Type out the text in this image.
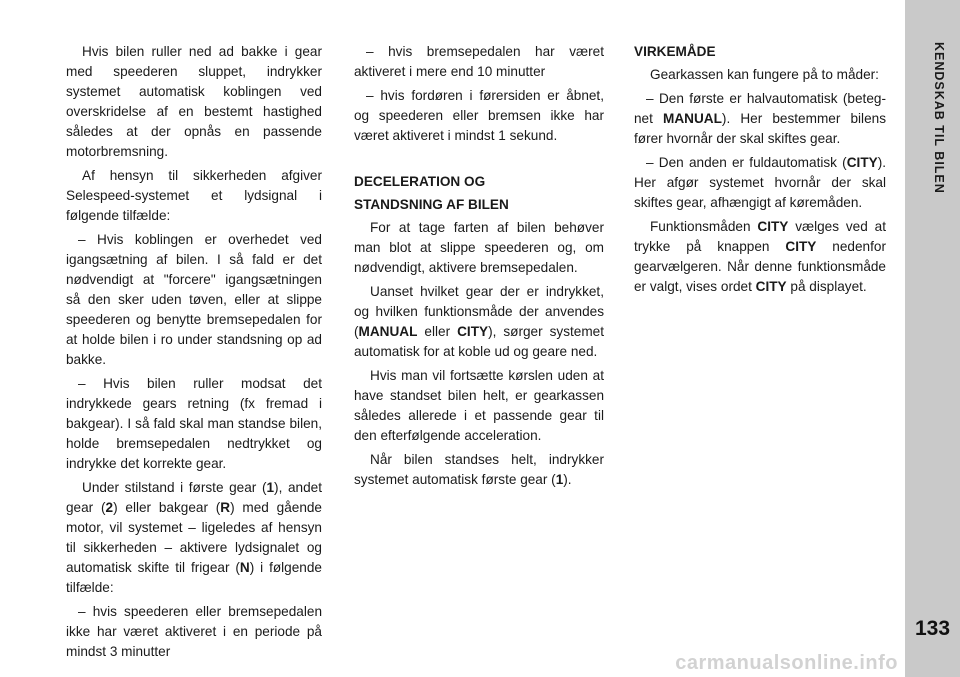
Hvis bilen ruller ned ad bakke i gear med speederen sluppet, indrykker systemet automatisk koblingen ved overskridelse af en bestemt hastighed således at der opnås en passende motorbremsning.

Af hensyn til sikkerheden afgiver Selespeed-systemet et lydsignal i følgende tilfælde:

– Hvis koblingen er overhedet ved igangsætning af bilen. I så fald er det nødvendigt at "forcere" igangsætningen så den sker uden tøven, eller at slippe speederen og benytte bremsepedalen for at holde bilen i ro under standsning op ad bakke.

– Hvis bilen ruller modsat det indrykkede gears retning (fx fremad i bakgear). I så fald skal man standse bilen, holde bremsepedalen nedtrykket og indrykke det korrekte gear.

Under stilstand i første gear (1), andet gear (2) eller bakgear (R) med gående motor, vil systemet – ligeledes af hensyn til sikkerheden – aktivere lydsignalet og automatisk skifte til frigear (N) i følgende tilfælde:

– hvis speederen eller bremsepedalen ikke har været aktiveret i en periode på mindst 3 minutter

– hvis bremsepedalen har været aktiveret i mere end 10 minutter

– hvis fordøren i førersiden er åbnet, og speederen eller bremsen ikke har været aktiveret i mindst 1 sekund.

DECELERATION OG

STANDSNING AF BILEN

For at tage farten af bilen behøver man blot at slippe speederen og, om nødvendigt, aktivere bremsepedalen.

Uanset hvilket gear der er indrykket, og hvilken funktionsmåde der anvendes (MANUAL eller CITY), sørger systemet automatisk for at koble ud og geare ned.

Hvis man vil fortsætte kørslen uden at have standset bilen helt, er gearkassen således allerede i et passende gear til den efterfølgende acceleration.

Når bilen standses helt, indrykker systemet automatisk første gear (1).

VIRKEMÅDE

Gearkassen kan fungere på to måder:

– Den første er halvautomatisk (betegnet MANUAL). Her bestemmer bilens fører hvornår der skal skiftes gear.

– Den anden er fuldautomatisk (CITY). Her afgør systemet hvornår der skal skiftes gear, afhængigt af køremåden.

Funktionsmåden CITY vælges ved at trykke på knappen CITY nedenfor gearvælgeren. Når denne funktionsmåde er valgt, vises ordet CITY på displayet.

KENDSKAB TIL BILEN
133
carmanualsonline.info
